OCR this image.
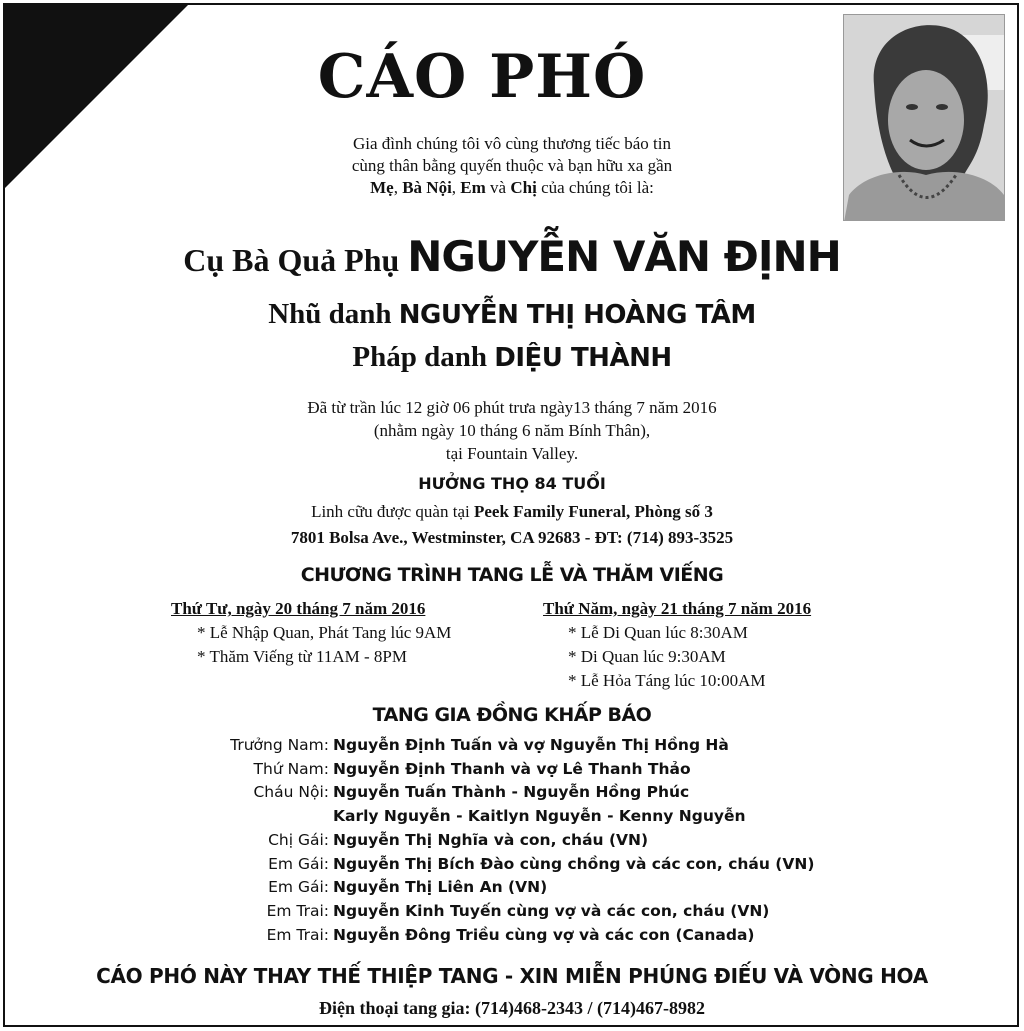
CÁO PHÓ
Gia đình chúng tôi vô cùng thương tiếc báo tin
cùng thân bằng quyến thuộc và bạn hữu xa gần
Mẹ, Bà Nội, Em và Chị của chúng tôi là:
Cụ Bà Quả Phụ NGUYỄN VĂN ĐỊNH
Nhũ danh NGUYỄN THỊ HOÀNG TÂM
Pháp danh DIỆU THÀNH
Đã từ trần lúc 12 giờ 06 phút trưa ngày13 tháng 7 năm 2016
(nhằm ngày 10 tháng 6 năm Bính Thân),
tại Fountain Valley.
HƯỞNG THỌ 84 TUỔI
Linh cữu được quàn tại Peek Family Funeral, Phòng số 3
7801 Bolsa Ave., Westminster, CA 92683 - ĐT: (714) 893-3525
CHƯƠNG TRÌNH TANG LỄ VÀ THĂM VIẾNG
Thứ Tư, ngày 20 tháng 7 năm 2016
* Lễ Nhập Quan, Phát Tang lúc 9AM
* Thăm Viếng từ 11AM - 8PM
Thứ Năm, ngày 21 tháng 7 năm 2016
* Lễ Di Quan lúc 8:30AM
* Di Quan lúc 9:30AM
* Lễ Hỏa Táng lúc 10:00AM
TANG GIA ĐỒNG KHẤP BÁO
Trưởng Nam: Nguyễn Định Tuấn và vợ Nguyễn Thị Hồng Hà
Thứ Nam: Nguyễn Định Thanh và vợ Lê Thanh Thảo
Cháu Nội: Nguyễn Tuấn Thành - Nguyễn Hồng Phúc
Karly Nguyễn - Kaitlyn Nguyễn - Kenny Nguyễn
Chị Gái: Nguyễn Thị Nghĩa và con, cháu (VN)
Em Gái: Nguyễn Thị Bích Đào cùng chồng và các con, cháu (VN)
Em Gái: Nguyễn Thị Liên An (VN)
Em Trai: Nguyễn Kinh Tuyến cùng vợ và các con, cháu (VN)
Em Trai: Nguyễn Đông Triều cùng vợ và các con (Canada)
CÁO PHÓ NÀY THAY THẾ THIỆP TANG - XIN MIỄN PHÚNG ĐIẾU VÀ VÒNG HOA
Điện thoại tang gia: (714)468-2343 / (714)467-8982
